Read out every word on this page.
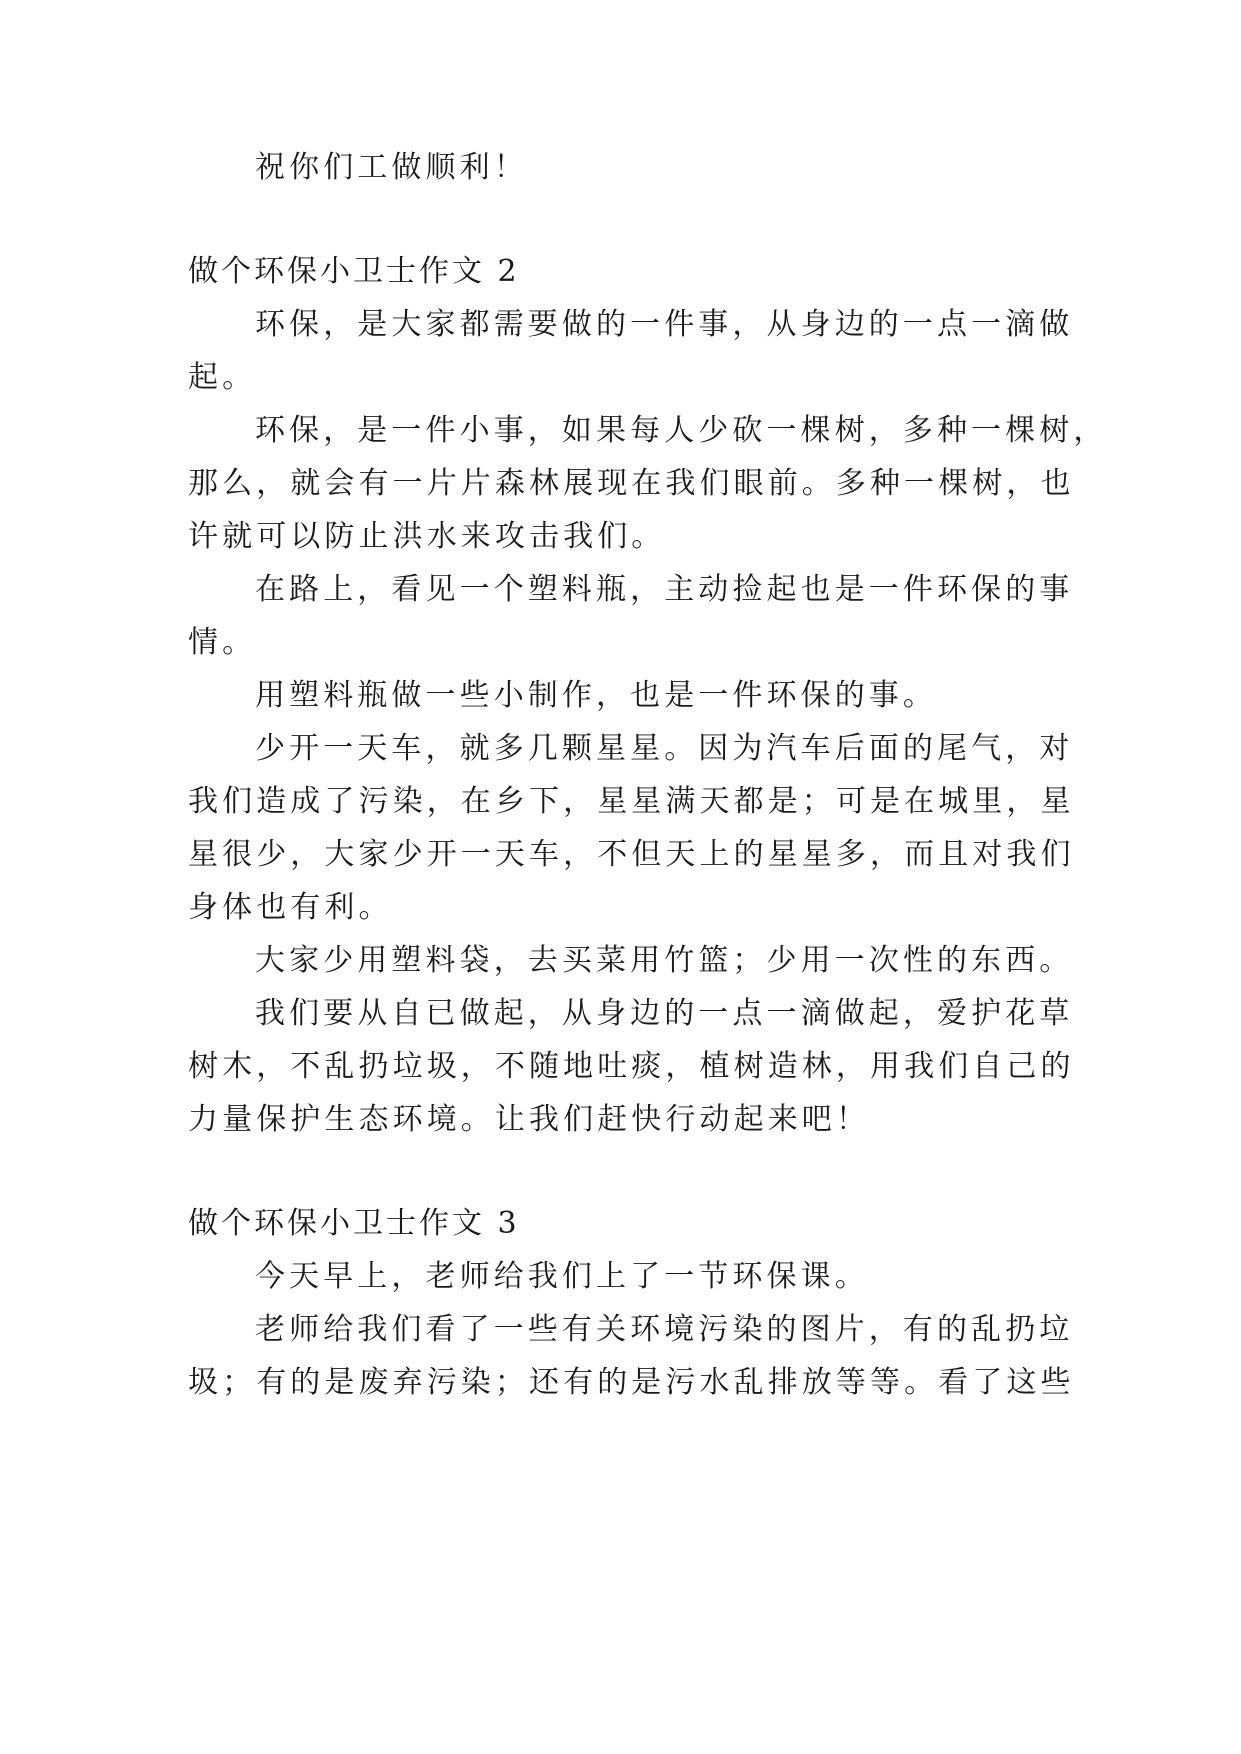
祝你们工做顺利！
做个环保小卫士作文 2
环保，是大家都需要做的一件事，从身边的一点一滴做
起。
环保，是一件小事，如果每人少砍一棵树，多种一棵树，
那么，就会有一片片森林展现在我们眼前。多种一棵树，也
许就可以防止洪水来攻击我们。
在路上，看见一个塑料瓶，主动捡起也是一件环保的事
情。
用塑料瓶做一些小制作，也是一件环保的事。
少开一天车，就多几颗星星。因为汽车后面的尾气，对
我们造成了污染，在乡下，星星满天都是；可是在城里，星
星很少，大家少开一天车，不但天上的星星多，而且对我们
身体也有利。
大家少用塑料袋，去买菜用竹篮；少用一次性的东西。
我们要从自已做起，从身边的一点一滴做起，爱护花草
树木，不乱扔垃圾，不随地吐痰，植树造林，用我们自己的
力量保护生态环境。让我们赶快行动起来吧！
做个环保小卫士作文 3
今天早上，老师给我们上了一节环保课。
老师给我们看了一些有关环境污染的图片，有的乱扔垃
圾；有的是废弃污染；还有的是污水乱排放等等。看了这些
